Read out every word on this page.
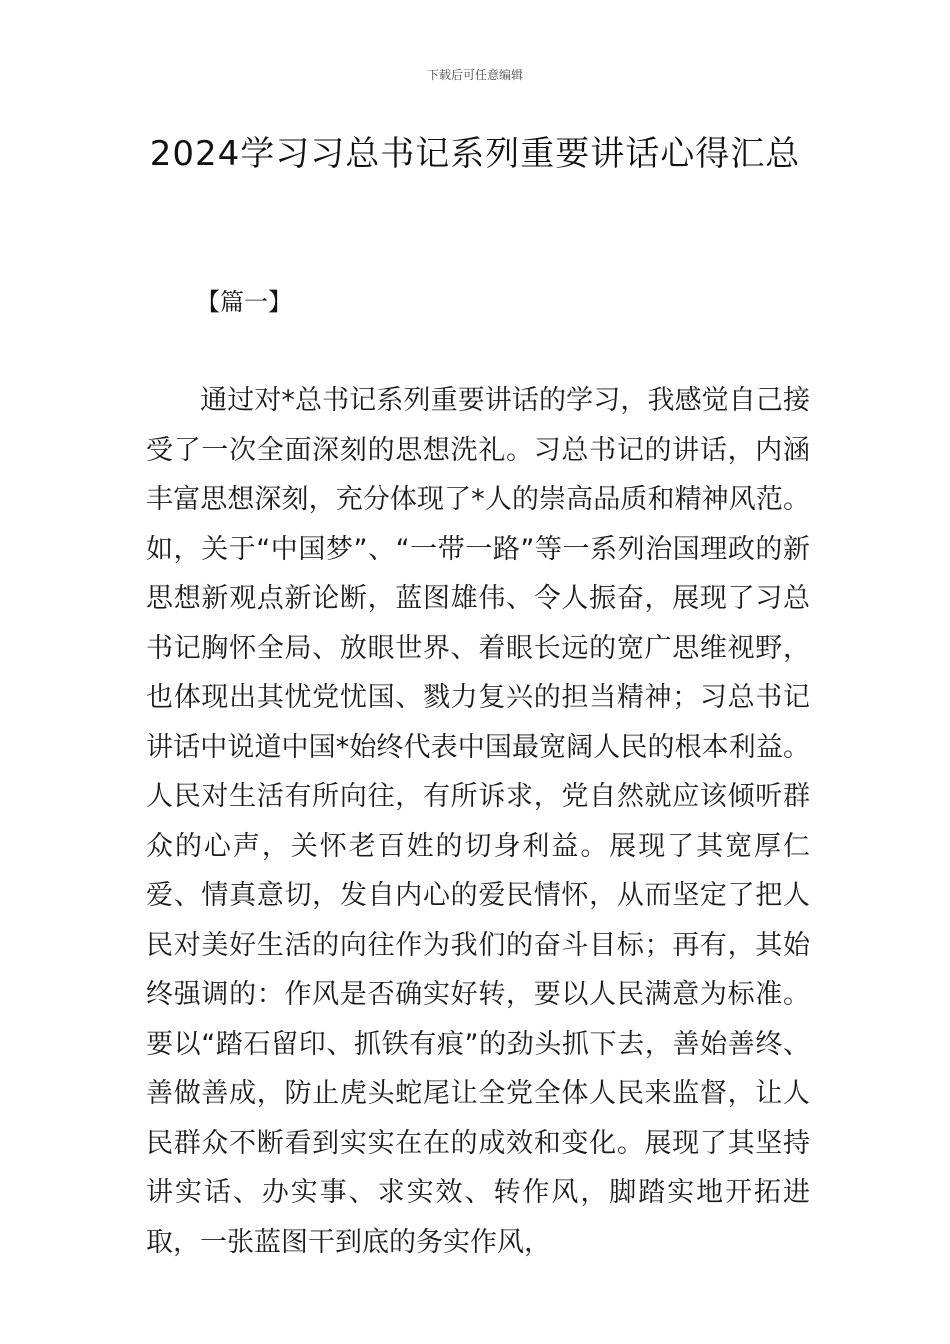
下载后可任意编辑
2024学习习总书记系列重要讲话心得汇总
【篇一】

通过对*总书记系列重要讲话的学习，我感觉自己接受了一次全面深刻的思想洗礼。习总书记的讲话，内涵丰富思想深刻，充分体现了*人的崇高品质和精神风范。如，关于“中国梦”、“一带一路”等一系列治国理政的新思想新观点新论断，蓝图雄伟、令人振奋，展现了习总书记胸怀全局、放眼世界、着眼长远的宽广思维视野，也体现出其忧党忧国、戮力复兴的担当精神；习总书记讲话中说道中国*始终代表中国最宽阔人民的根本利益。人民对生活有所向往，有所诉求，党自然就应该倾听群众的心声，关怀老百姓的切身利益。展现了其宽厚仁爱、情真意切，发自内心的爱民情怀，从而坚定了把人民对美好生活的向往作为我们的奋斗目标；再有，其始终强调的：作风是否确实好转，要以人民满意为标准。要以“踏石留印、抓铁有痕”的劲头抓下去，善始善终、善做善成，防止虎头蛇尾让全党全体人民来监督，让人民群众不断看到实实在在的成效和变化。展现了其坚持讲实话、办实事、求实效、转作风，脚踏实地开拓进取，一张蓝图干到底的务实作风，
